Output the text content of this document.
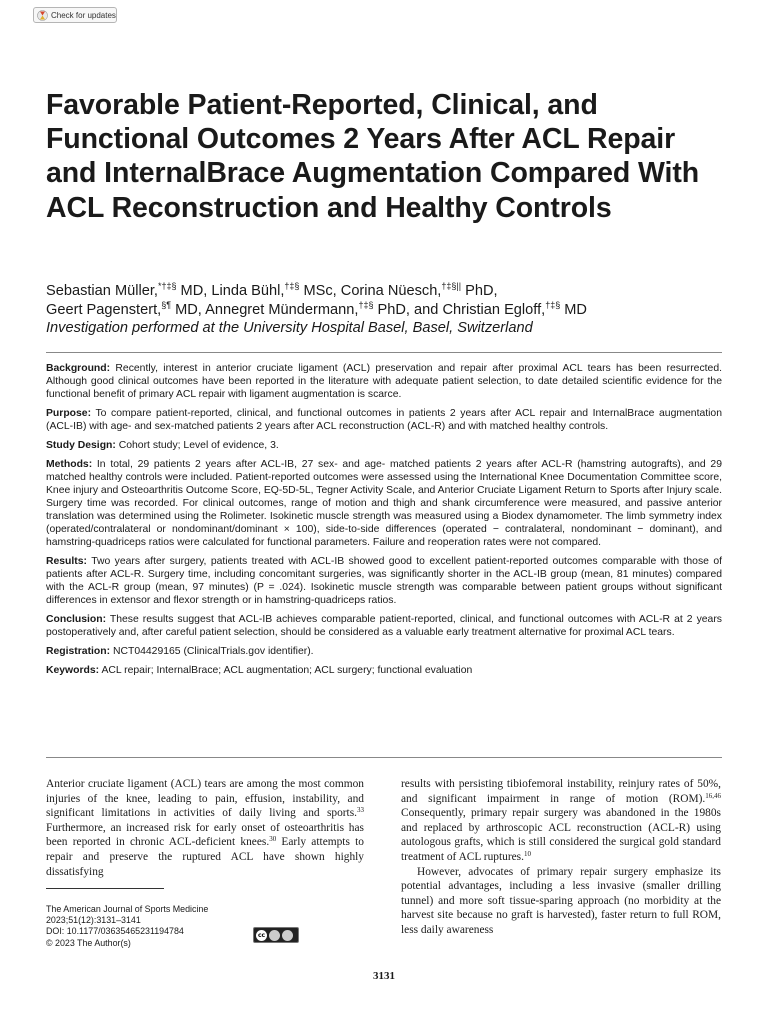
Check for updates
Favorable Patient-Reported, Clinical, and Functional Outcomes 2 Years After ACL Repair and InternalBrace Augmentation Compared With ACL Reconstruction and Healthy Controls
Sebastian Müller,*†‡§ MD, Linda Bühl,†‡§ MSc, Corina Nüesch,†‡§|| PhD,
Geert Pagenstert,§¶ MD, Annegret Mündermann,†‡§ PhD, and Christian Egloff,†‡§ MD
Investigation performed at the University Hospital Basel, Basel, Switzerland

Background: Recently, interest in anterior cruciate ligament (ACL) preservation and repair after proximal ACL tears has been resurrected. Although good clinical outcomes have been reported in the literature with adequate patient selection, to date detailed scientific evidence for the functional benefit of primary ACL repair with ligament augmentation is scarce.

Purpose: To compare patient-reported, clinical, and functional outcomes in patients 2 years after ACL repair and InternalBrace augmentation (ACL-IB) with age- and sex-matched patients 2 years after ACL reconstruction (ACL-R) and with matched healthy controls.

Study Design: Cohort study; Level of evidence, 3.

Methods: In total, 29 patients 2 years after ACL-IB, 27 sex- and age- matched patients 2 years after ACL-R (hamstring autografts), and 29 matched healthy controls were included. Patient-reported outcomes were assessed using the International Knee Documentation Committee score, Knee injury and Osteoarthritis Outcome Score, EQ-5D-5L, Tegner Activity Scale, and Anterior Cruciate Ligament Return to Sports after Injury scale. Surgery time was recorded. For clinical outcomes, range of motion and thigh and shank circumference were measured, and passive anterior translation was determined using the Rolimeter. Isokinetic muscle strength was measured using a Biodex dynamometer. The limb symmetry index (operated/contralateral or nondominant/dominant × 100), side-to-side differences (operated − contralateral, nondominant − dominant), and hamstring-quadriceps ratios were calculated for functional parameters. Failure and reoperation rates were not compared.

Results: Two years after surgery, patients treated with ACL-IB showed good to excellent patient-reported outcomes comparable with those of patients after ACL-R. Surgery time, including concomitant surgeries, was significantly shorter in the ACL-IB group (mean, 81 minutes) compared with the ACL-R group (mean, 97 minutes) (P = .024). Isokinetic muscle strength was comparable between patient groups without significant differences in extensor and flexor strength or in hamstring-quadriceps ratios.

Conclusion: These results suggest that ACL-IB achieves comparable patient-reported, clinical, and functional outcomes with ACL-R at 2 years postoperatively and, after careful patient selection, should be considered as a valuable early treatment alternative for proximal ACL tears.

Registration: NCT04429165 (ClinicalTrials.gov identifier).

Keywords: ACL repair; InternalBrace; ACL augmentation; ACL surgery; functional evaluation

Anterior cruciate ligament (ACL) tears are among the most common injuries of the knee, leading to pain, effusion, instability, and significant limitations in activities of daily living and sports.$^{33}$ Furthermore, an increased risk for early onset of osteoarthritis has been reported in chronic ACL-deficient knees.$^{30}$ Early attempts to repair and preserve the ruptured ACL have shown highly dissatisfying

results with persisting tibiofemoral instability, reinjury rates of 50%, and significant impairment in range of motion (ROM).$^{16,46}$ Consequently, primary repair surgery was abandoned in the 1980s and replaced by arthroscopic ACL reconstruction (ACL-R) using autologous grafts, which is still considered the surgical gold standard treatment of ACL ruptures.$^{10}$

However, advocates of primary repair surgery emphasize its potential advantages, including a less invasive (smaller drilling tunnel) and more soft tissue-sparing approach (no morbidity at the harvest site because no graft is harvested), faster return to full ROM, less daily awareness

The American Journal of Sports Medicine
2023;51(12):3131–3141
DOI: 10.1177/03635465231194784
© 2023 The Author(s)
cc
3131
